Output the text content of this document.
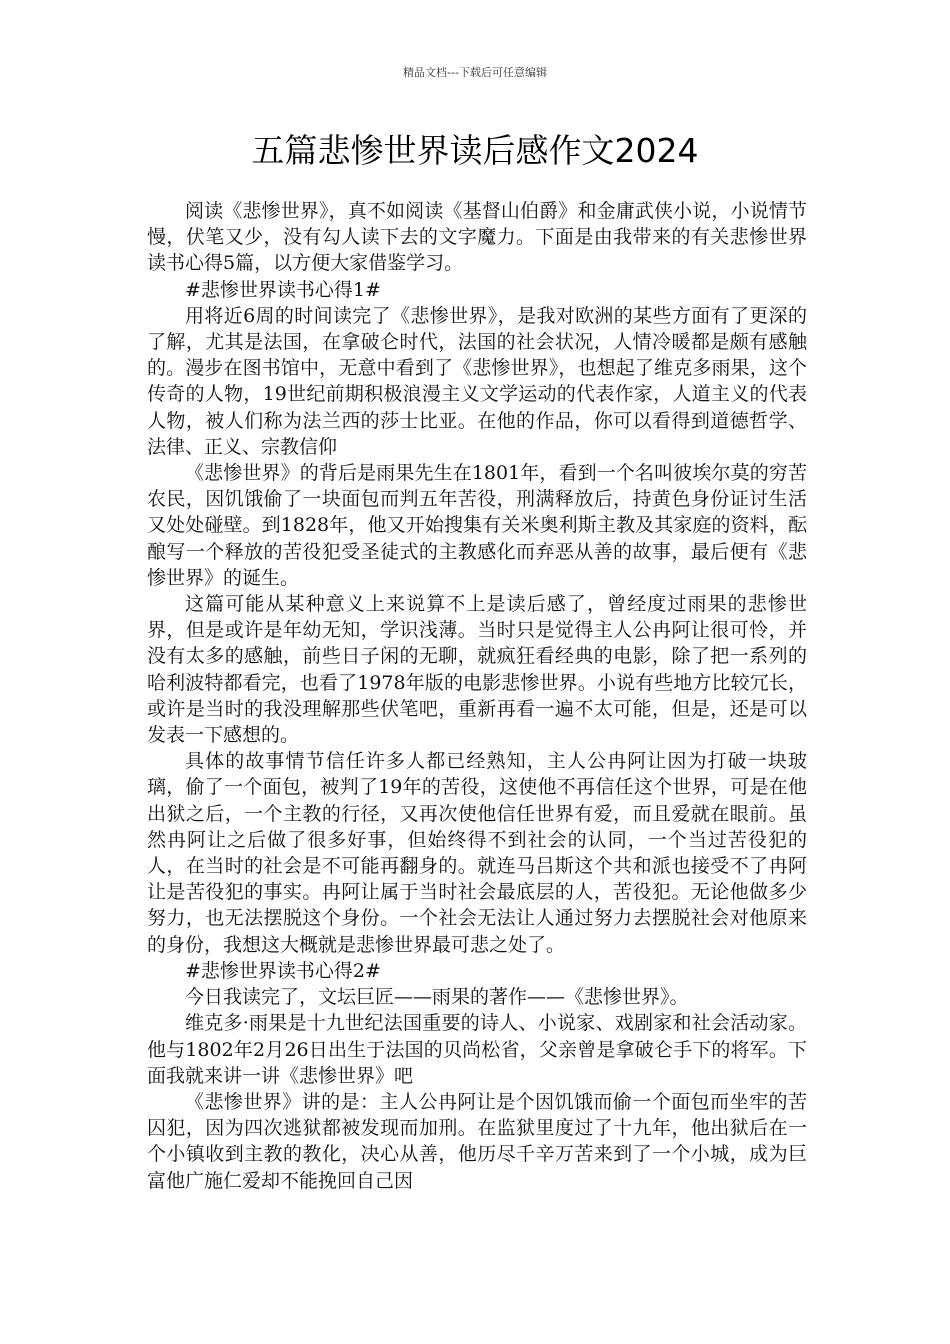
精品文档---下载后可任意编辑
五篇悲惨世界读后感作文2024

阅读《悲惨世界》，真不如阅读《基督山伯爵》和金庸武侠小说，小说情节慢，伏笔又少，没有勾人读下去的文字魔力。下面是由我带来的有关悲惨世界读书心得5篇，以方便大家借鉴学习。

#悲惨世界读书心得1#

用将近6周的时间读完了《悲惨世界》，是我对欧洲的某些方面有了更深的了解，尤其是法国，在拿破仑时代，法国的社会状况，人情冷暖都是颇有感触的。漫步在图书馆中，无意中看到了《悲惨世界》，也想起了维克多雨果，这个传奇的人物，19世纪前期积极浪漫主义文学运动的代表作家，人道主义的代表人物，被人们称为法兰西的莎士比亚。在他的作品，你可以看得到道德哲学、法律、正义、宗教信仰

《悲惨世界》的背后是雨果先生在1801年，看到一个名叫彼埃尔莫的穷苦农民，因饥饿偷了一块面包而判五年苦役，刑满释放后，持黄色身份证讨生活又处处碰壁。到1828年，他又开始搜集有关米奥利斯主教及其家庭的资料，酝酿写一个释放的苦役犯受圣徒式的主教感化而弃恶从善的故事，最后便有《悲惨世界》的诞生。

这篇可能从某种意义上来说算不上是读后感了，曾经度过雨果的悲惨世界，但是或许是年幼无知，学识浅薄。当时只是觉得主人公冉阿让很可怜，并没有太多的感触，前些日子闲的无聊，就疯狂看经典的电影，除了把一系列的哈利波特都看完，也看了1978年版的电影悲惨世界。小说有些地方比较冗长，或许是当时的我没理解那些伏笔吧，重新再看一遍不太可能，但是，还是可以发表一下感想的。

具体的故事情节信任许多人都已经熟知，主人公冉阿让因为打破一块玻璃，偷了一个面包，被判了19年的苦役，这使他不再信任这个世界，可是在他出狱之后，一个主教的行径，又再次使他信任世界有爱，而且爱就在眼前。虽然冉阿让之后做了很多好事，但始终得不到社会的认同，一个当过苦役犯的人，在当时的社会是不可能再翻身的。就连马吕斯这个共和派也接受不了冉阿让是苦役犯的事实。冉阿让属于当时社会最底层的人，苦役犯。无论他做多少努力，也无法摆脱这个身份。一个社会无法让人通过努力去摆脱社会对他原来的身份，我想这大概就是悲惨世界最可悲之处了。

#悲惨世界读书心得2#

今日我读完了，文坛巨匠——雨果的著作——《悲惨世界》。

维克多·雨果是十九世纪法国重要的诗人、小说家、戏剧家和社会活动家。他与1802年2月26日出生于法国的贝尚松省，父亲曾是拿破仑手下的将军。下面我就来讲一讲《悲惨世界》吧

《悲惨世界》讲的是：主人公冉阿让是个因饥饿而偷一个面包而坐牢的苦囚犯，因为四次逃狱都被发现而加刑。在监狱里度过了十九年，他出狱后在一个小镇收到主教的教化，决心从善，他历尽千辛万苦来到了一个小城，成为巨富他广施仁爱却不能挽回自己因
